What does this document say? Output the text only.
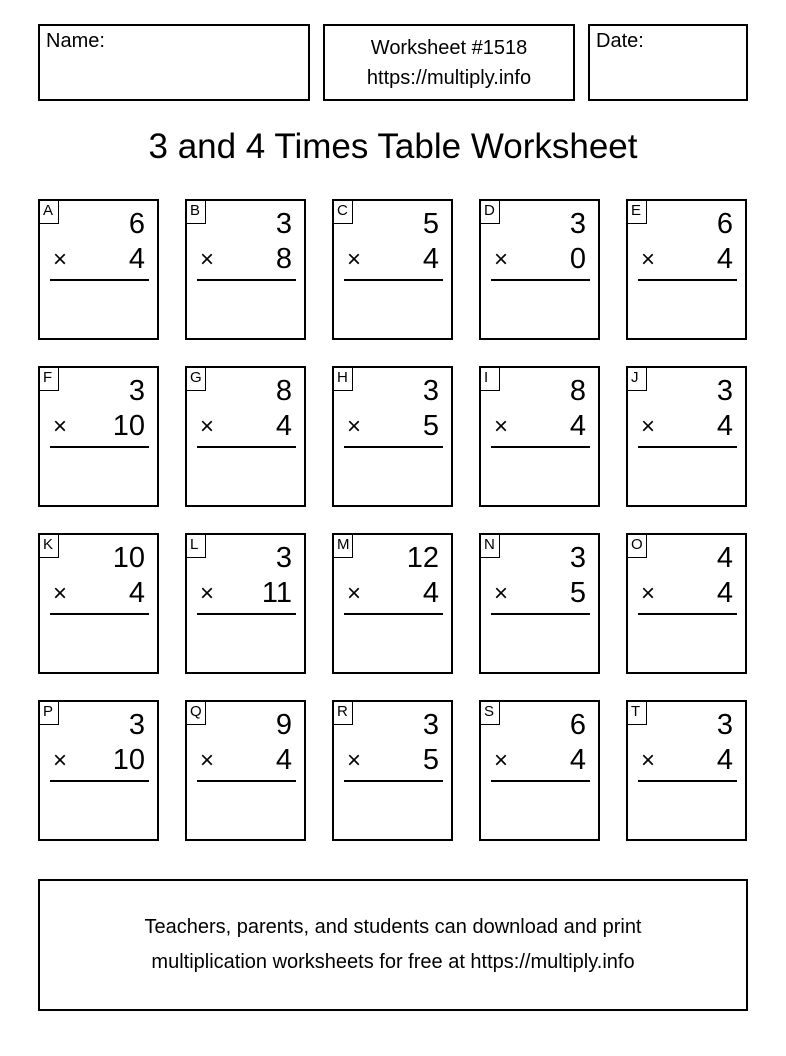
Name:	Worksheet #1518
https://multiply.info
Date:
3 and 4 Times Table Worksheet
A	6
× 4
B	3
× 8
C	5
× 4
D	3
× 0
E	6
× 4
F	3
× 10
G	8
× 4
H	3
× 5
I	8
× 4
J	3
× 4
K 10
× 4
L	3
× 11
M 12
× 4
N	3
× 5
O	4
× 4
P	3
× 10
Q	9
× 4
R	3
× 5
S	6
× 4
T	3
× 4
Teachers, parents, and students can download and print
multiplication worksheets for free at https://multiply.info
